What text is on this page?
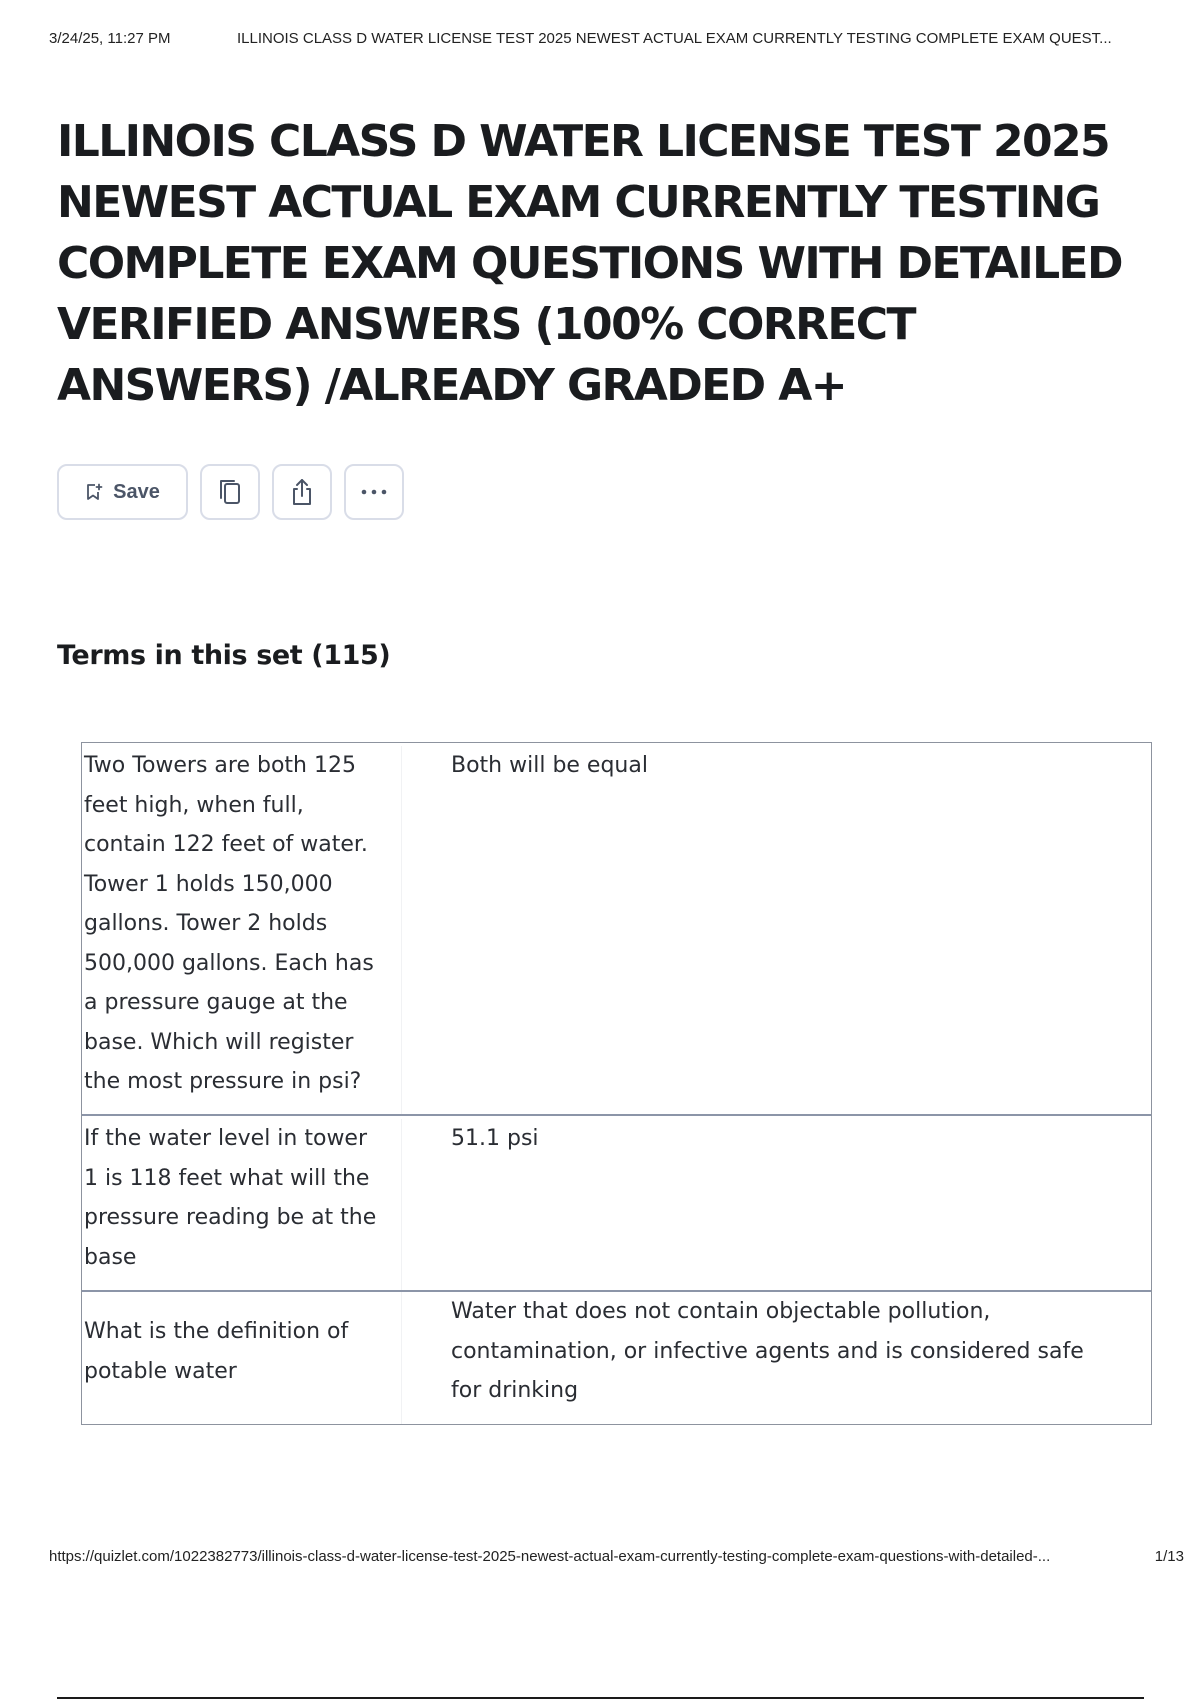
3/24/25, 11:27 PM	ILLINOIS CLASS D WATER LICENSE TEST 2025 NEWEST ACTUAL EXAM CURRENTLY TESTING COMPLETE EXAM QUEST...
ILLINOIS CLASS D WATER LICENSE TEST 2025 NEWEST ACTUAL EXAM CURRENTLY TESTING COMPLETE EXAM QUESTIONS WITH DETAILED VERIFIED ANSWERS (100% CORRECT ANSWERS) /ALREADY GRADED A+
Save
Terms in this set (115)
Two Towers are both 125 feet high, when full, contain 122 feet of water. Tower 1 holds 150,000 gallons. Tower 2 holds 500,000 gallons. Each has a pressure gauge at the base. Which will register the most pressure in psi?
Both will be equal
If the water level in tower 1 is 118 feet what will the pressure reading be at the base
51.1 psi
What is the definition of potable water
Water that does not contain objectable pollution, contamination, or infective agents and is considered safe for drinking
https://quizlet.com/1022382773/illinois-class-d-water-license-test-2025-newest-actual-exam-currently-testing-complete-exam-questions-with-detailed-...	1/13
